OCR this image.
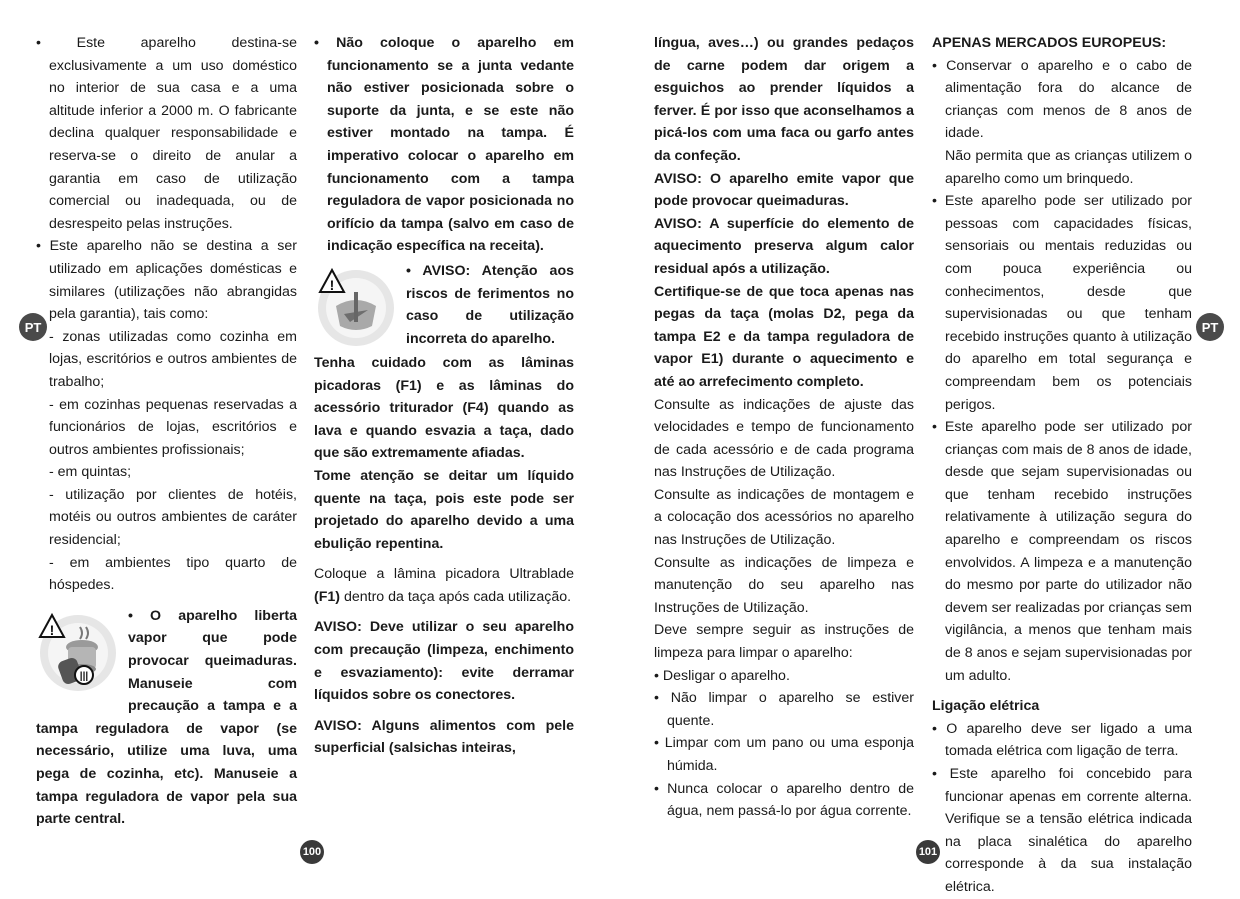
• Este aparelho destina-se exclusivamente a um uso doméstico no interior de sua casa e a uma altitude inferior a 2000 m. O fabricante declina qualquer responsabilidade e reserva-se o direito de anular a garantia em caso de utilização comercial ou inadequada, ou de desrespeito pelas instruções.

• Este aparelho não se destina a ser utilizado em aplicações domésticas e similares (utilizações não abrangidas pela garantia), tais como:

- zonas utilizadas como cozinha em lojas, escritórios e outros ambientes de trabalho;

- em cozinhas pequenas reservadas a funcionários de lojas, escritórios e outros ambientes profissionais;

- em quintas;

- utilização por clientes de hotéis, motéis ou outros ambientes de caráter residencial;

- em ambientes tipo quarto de hóspedes.

|||
!

• O aparelho liberta vapor que pode provocar queimaduras. Manuseie com precaução a tampa e a tampa reguladora de vapor (se necessário, utilize uma luva, uma pega de cozinha, etc). Manuseie a tampa reguladora de vapor pela sua parte central.

• Não coloque o aparelho em funcionamento se a junta vedante não estiver posicionada sobre o suporte da junta, e se este não estiver montado na tampa. É imperativo colocar o aparelho em funcionamento com a tampa reguladora de vapor posicionada no orifício da tampa (salvo em caso de indicação específica na receita).

!

• AVISO: Atenção aos riscos de ferimentos no caso de utilização incorreta do aparelho.

Tenha cuidado com as lâminas picadoras (F1) e as lâminas do acessório triturador (F4) quando as lava e quando esvazia a taça, dado que são extremamente afiadas.

Tome atenção se deitar um líquido quente na taça, pois este pode ser projetado do aparelho devido a uma ebulição repentina.

Coloque a lâmina picadora Ultrablade (F1) dentro da taça após cada utilização.

AVISO: Deve utilizar o seu aparelho com precaução (limpeza, enchimento e esvaziamento): evite derramar líquidos sobre os conectores.

AVISO: Alguns alimentos com pele superficial (salsichas inteiras,

língua, aves…) ou grandes pedaços de carne podem dar origem a esguichos ao prender líquidos a ferver. É por isso que aconselhamos a picá-los com uma faca ou garfo antes da confeção.

AVISO: O aparelho emite vapor que pode provocar queimaduras.

AVISO: A superfície do elemento de aquecimento preserva algum calor residual após a utilização.

Certifique-se de que toca apenas nas pegas da taça (molas D2, pega da tampa E2 e da tampa reguladora de vapor E1) durante o aquecimento e até ao arrefecimento completo.

Consulte as indicações de ajuste das velocidades e tempo de funcionamento de cada acessório e de cada programa nas Instruções de Utilização.

Consulte as indicações de montagem e a colocação dos acessórios no aparelho nas Instruções de Utilização.

Consulte as indicações de limpeza e manutenção do seu aparelho nas Instruções de Utilização.

Deve sempre seguir as instruções de limpeza para limpar o aparelho:

• Desligar o aparelho.

• Não limpar o aparelho se estiver quente.

• Limpar com um pano ou uma esponja húmida.

• Nunca colocar o aparelho dentro de água, nem passá-lo por água corrente.

APENAS MERCADOS EUROPEUS:

• Conservar o aparelho e o cabo de alimentação fora do alcance de crianças com menos de 8 anos de idade.

Não permita que as crianças utilizem o aparelho como um brinquedo.

• Este aparelho pode ser utilizado por pessoas com capacidades físicas, sensoriais ou mentais reduzidas ou com pouca experiência ou conhecimentos, desde que supervisionadas ou que tenham recebido instruções quanto à utilização do aparelho em total segurança e compreendam bem os potenciais perigos.

• Este aparelho pode ser utilizado por crianças com mais de 8 anos de idade, desde que sejam supervisionadas ou que tenham recebido instruções relativamente à utilização segura do aparelho e compreendam os riscos envolvidos. A limpeza e a manutenção do mesmo por parte do utilizador não devem ser realizadas por crianças sem vigilância, a menos que tenham mais de 8 anos e sejam supervisionadas por um adulto.

Ligação elétrica

• O aparelho deve ser ligado a uma tomada elétrica com ligação de terra.

• Este aparelho foi concebido para funcionar apenas em corrente alterna. Verifique se a tensão elétrica indicada na placa sinalética do aparelho corresponde à da sua instalação elétrica.

PT	PT
100	101
